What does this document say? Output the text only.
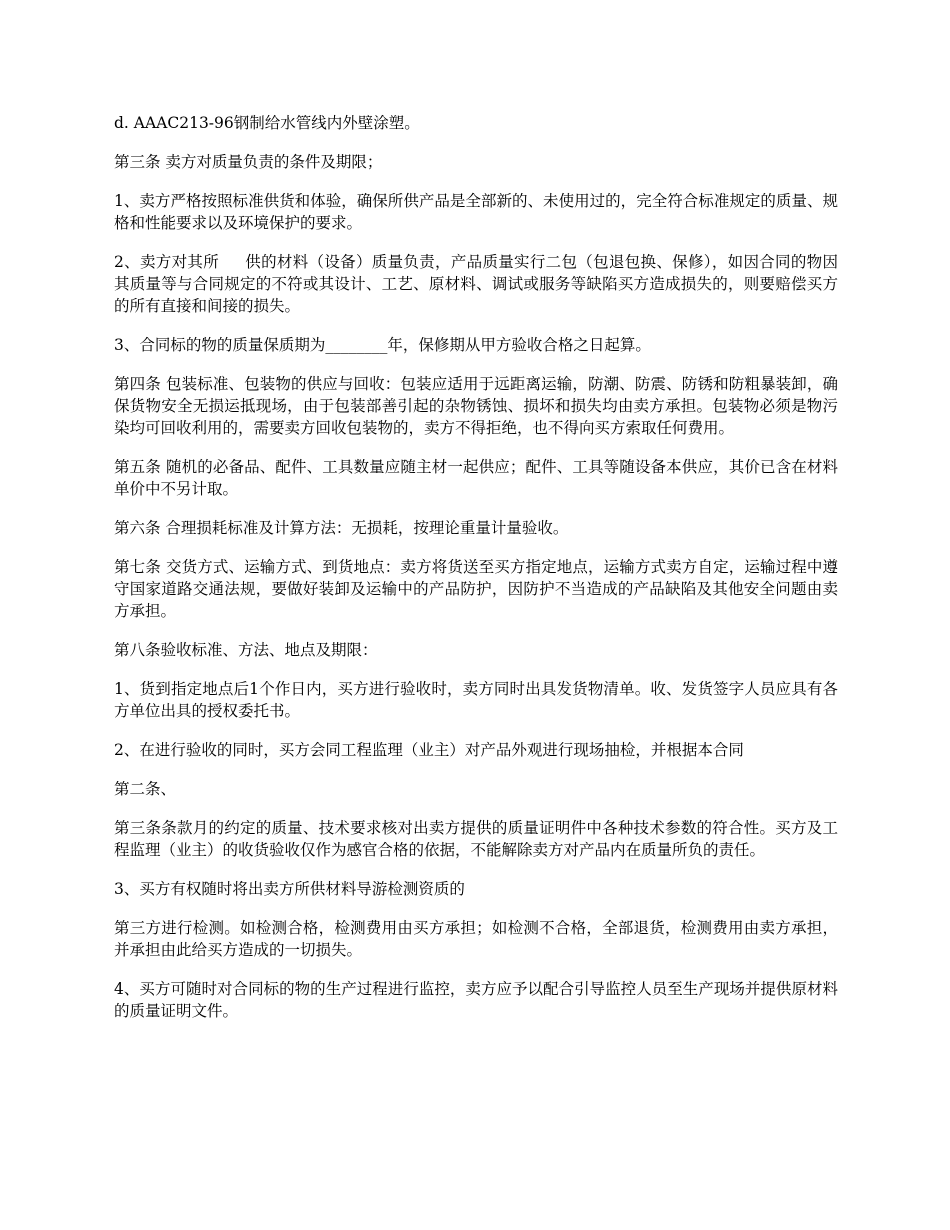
d. AAAC213-96钢制给水管线内外壁涂塑。

第三条 卖方对质量负责的条件及期限；

1、卖方严格按照标准供货和体验，确保所供产品是全部新的、未使用过的，完全符合标准规定的质量、规格和性能要求以及环境保护的要求。

2、卖方对其所 　 供的材料（设备）质量负责，产品质量实行二包（包退包换、保修），如因合同的物因其质量等与合同规定的不符或其设计、工艺、原材料、调试或服务等缺陷买方造成损失的，则要赔偿买方的所有直接和间接的损失。

3、合同标的物的质量保质期为________年，保修期从甲方验收合格之日起算。

第四条 包装标准、包装物的供应与回收：包装应适用于远距离运输，防潮、防震、防锈和防粗暴装卸，确保货物安全无损运抵现场，由于包装部善引起的杂物锈蚀、损坏和损失均由卖方承担。包装物必须是物污染均可回收利用的，需要卖方回收包装物的，卖方不得拒绝，也不得向买方索取任何费用。

第五条 随机的必备品、配件、工具数量应随主材一起供应；配件、工具等随设备本供应，其价已含在材料单价中不另计取。

第六条 合理损耗标准及计算方法：无损耗，按理论重量计量验收。

第七条 交货方式、运输方式、到货地点：卖方将货送至买方指定地点，运输方式卖方自定，运输过程中遵守国家道路交通法规，要做好装卸及运输中的产品防护，因防护不当造成的产品缺陷及其他安全问题由卖方承担。

第八条验收标准、方法、地点及期限：

1、货到指定地点后1个作日内，买方进行验收时，卖方同时出具发货物清单。收、发货签字人员应具有各方单位出具的授权委托书。

2、在进行验收的同时，买方会同工程监理（业主）对产品外观进行现场抽检，并根据本合同

第二条、

第三条条款月的约定的质量、技术要求核对出卖方提供的质量证明件中各种技术参数的符合性。买方及工程监理（业主）的收货验收仅作为感官合格的依据，不能解除卖方对产品内在质量所负的责任。

3、买方有权随时将出卖方所供材料导游检测资质的

第三方进行检测。如检测合格，检测费用由买方承担；如检测不合格，全部退货，检测费用由卖方承担，并承担由此给买方造成的一切损失。

4、买方可随时对合同标的物的生产过程进行监控，卖方应予以配合引导监控人员至生产现场并提供原材料的质量证明文件。
